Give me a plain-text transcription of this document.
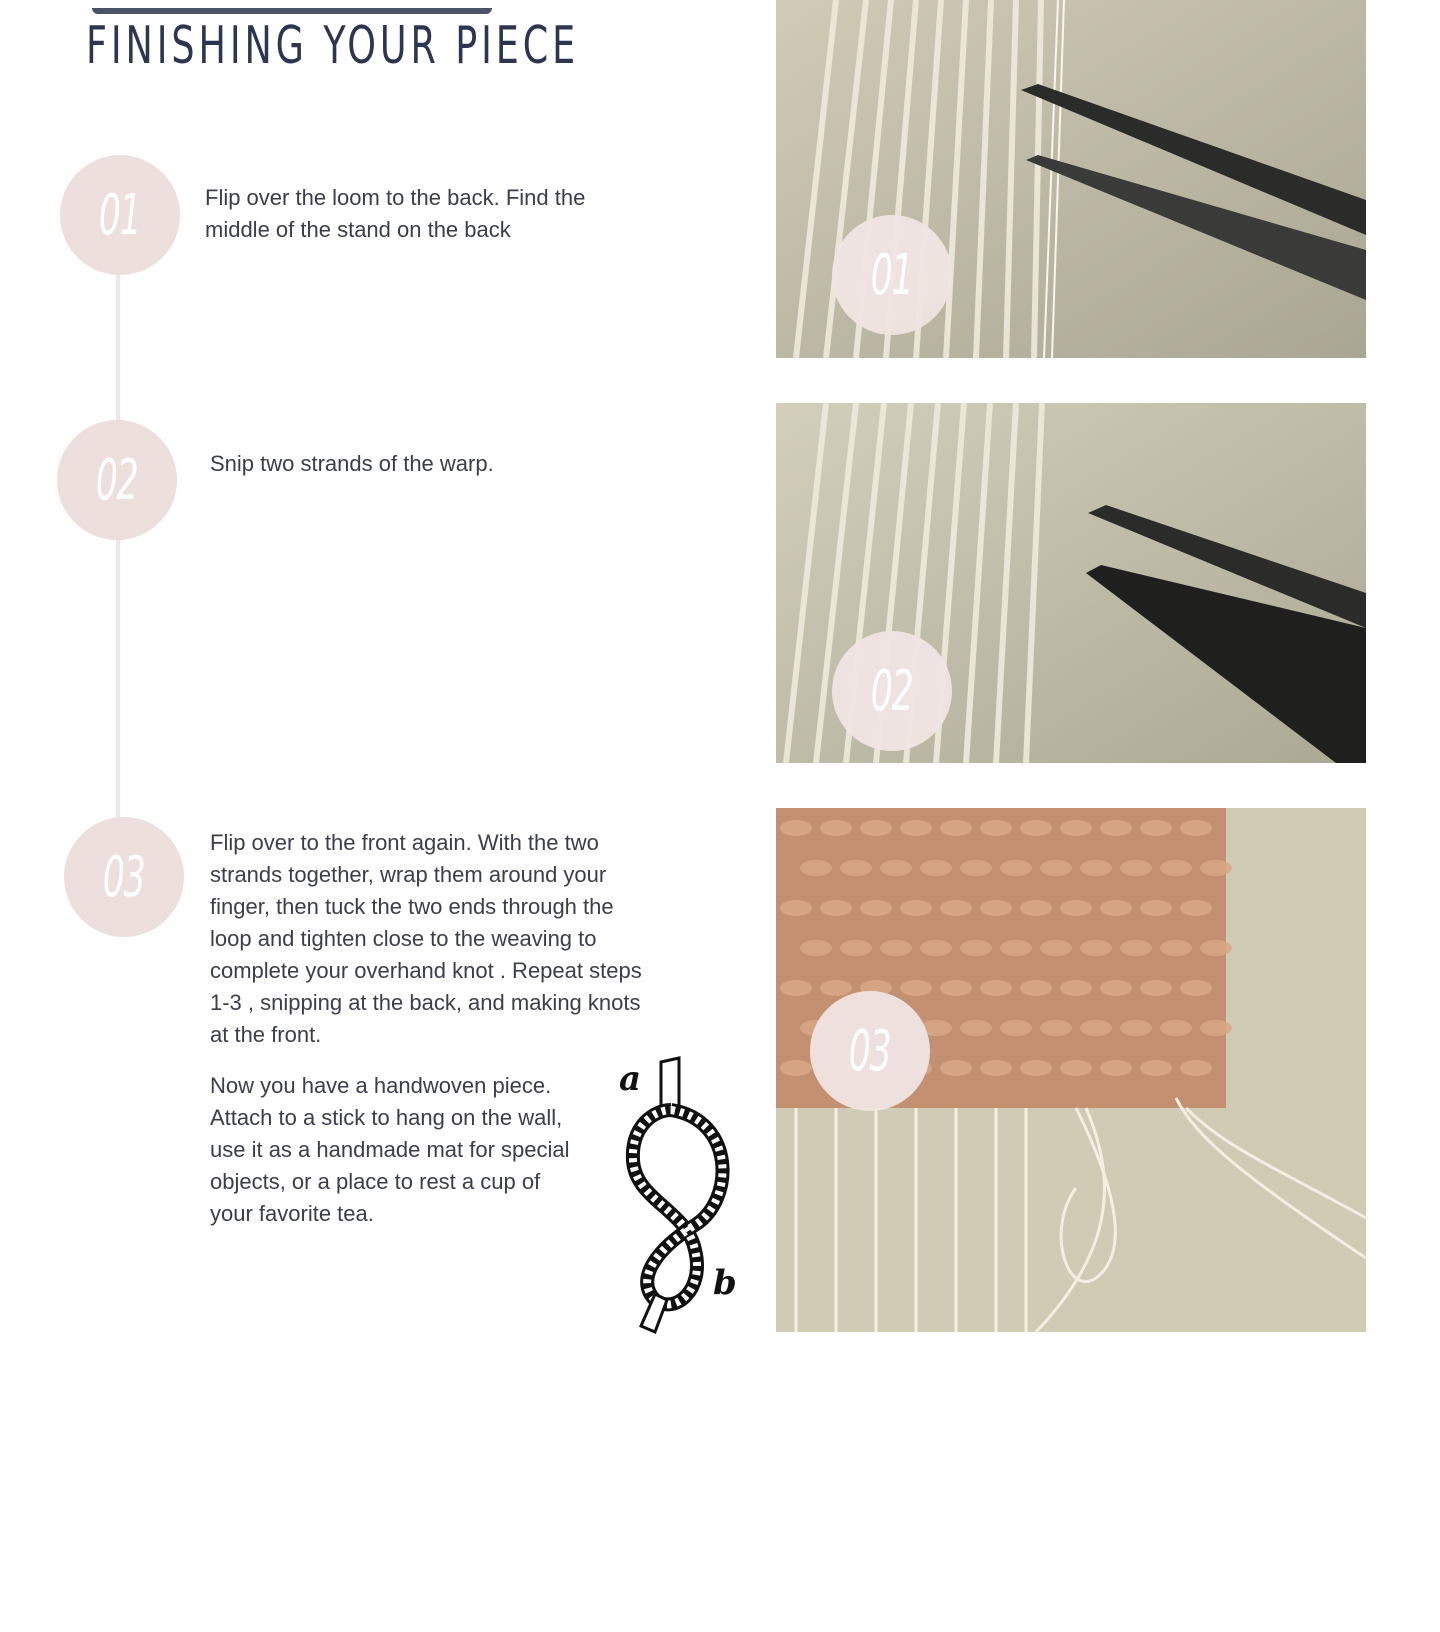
FINISHING YOUR PIECE
01	Flip over the loom to the back. Find the middle of the stand on the back

02	Snip two strands of the warp.

03

Flip over to the front again. With the two strands together, wrap them around your finger, then tuck the two ends through the loop and tighten close to the weaving to complete your overhand knot . Repeat steps 1-3 , snipping at the back, and making knots at the front.

Now you have a handwoven piece. Attach to a stick to hang on the wall, use it as a handmade mat for special objects, or a place to rest a cup of your favorite tea.

a
b
01
02
03
